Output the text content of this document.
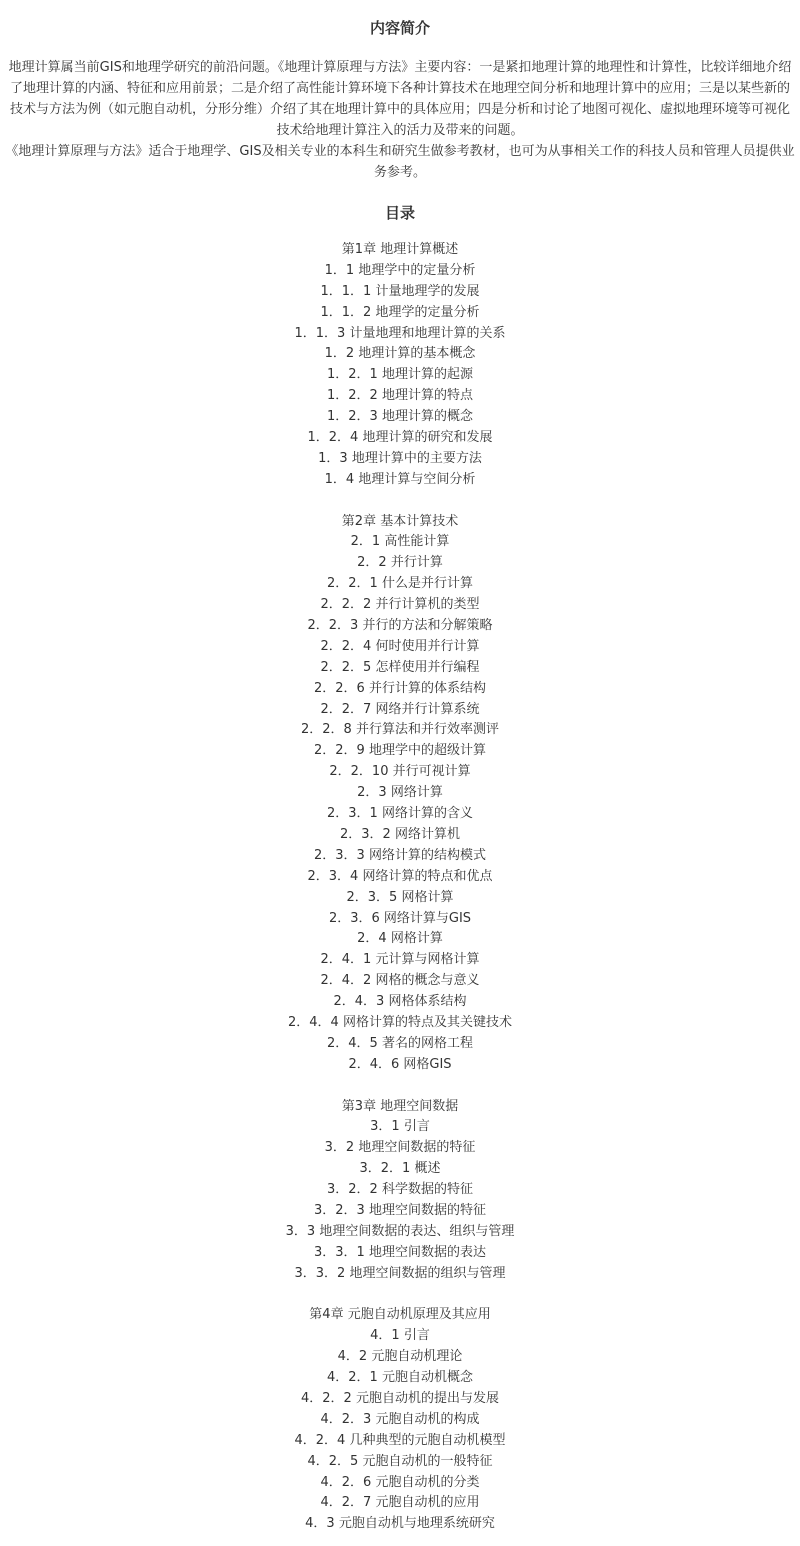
内容简介

地理计算属当前GIS和地理学研究的前沿问题。《地理计算原理与方法》主要内容：一是紧扣地理计算的地理性和计算性，比较详细地介绍了地理计算的内涵、特征和应用前景；二是介绍了高性能计算环境下各种计算技术在地理空间分析和地理计算中的应用；三是以某些新的技术与方法为例（如元胞自动机，分形分维）介绍了其在地理计算中的具体应用；四是分析和讨论了地图可视化、虚拟地理环境等可视化技术给地理计算注入的活力及带来的问题。

《地理计算原理与方法》适合于地理学、GIS及相关专业的本科生和研究生做参考教材，也可为从事相关工作的科技人员和管理人员提供业务参考。

目录
第1章 地理计算概述
1．1 地理学中的定量分析
1．1．1 计量地理学的发展
1．1．2 地理学的定量分析
1．1．3 计量地理和地理计算的关系
1．2 地理计算的基本概念
1．2．1 地理计算的起源
1．2．2 地理计算的特点
1．2．3 地理计算的概念
1．2．4 地理计算的研究和发展
1．3 地理计算中的主要方法
1．4 地理计算与空间分析
第2章 基本计算技术
2．1 高性能计算
2．2 并行计算
2．2．1 什么是并行计算
2．2．2 并行计算机的类型
2．2．3 并行的方法和分解策略
2．2．4 何时使用并行计算
2．2．5 怎样使用并行编程
2．2．6 并行计算的体系结构
2．2．7 网络并行计算系统
2．2．8 并行算法和并行效率测评
2．2．9 地理学中的超级计算
2．2．10 并行可视计算
2．3 网络计算
2．3．1 网络计算的含义
2．3．2 网络计算机
2．3．3 网络计算的结构模式
2．3．4 网络计算的特点和优点
2．3．5 网格计算
2．3．6 网络计算与GIS
2．4 网格计算
2．4．1 元计算与网格计算
2．4．2 网格的概念与意义
2．4．3 网格体系结构
2．4．4 网格计算的特点及其关键技术
2．4．5 著名的网格工程
2．4．6 网格GIS
第3章 地理空间数据
3．1 引言
3．2 地理空间数据的特征
3．2．1 概述
3．2．2 科学数据的特征
3．2．3 地理空间数据的特征
3．3 地理空间数据的表达、组织与管理
3．3．1 地理空间数据的表达
3．3．2 地理空间数据的组织与管理
第4章 元胞自动机原理及其应用
4．1 引言
4．2 元胞自动机理论
4．2．1 元胞自动机概念
4．2．2 元胞自动机的提出与发展
4．2．3 元胞自动机的构成
4．2．4 几种典型的元胞自动机模型
4．2．5 元胞自动机的一般特征
4．2．6 元胞自动机的分类
4．2．7 元胞自动机的应用
4．3 元胞自动机与地理系统研究
